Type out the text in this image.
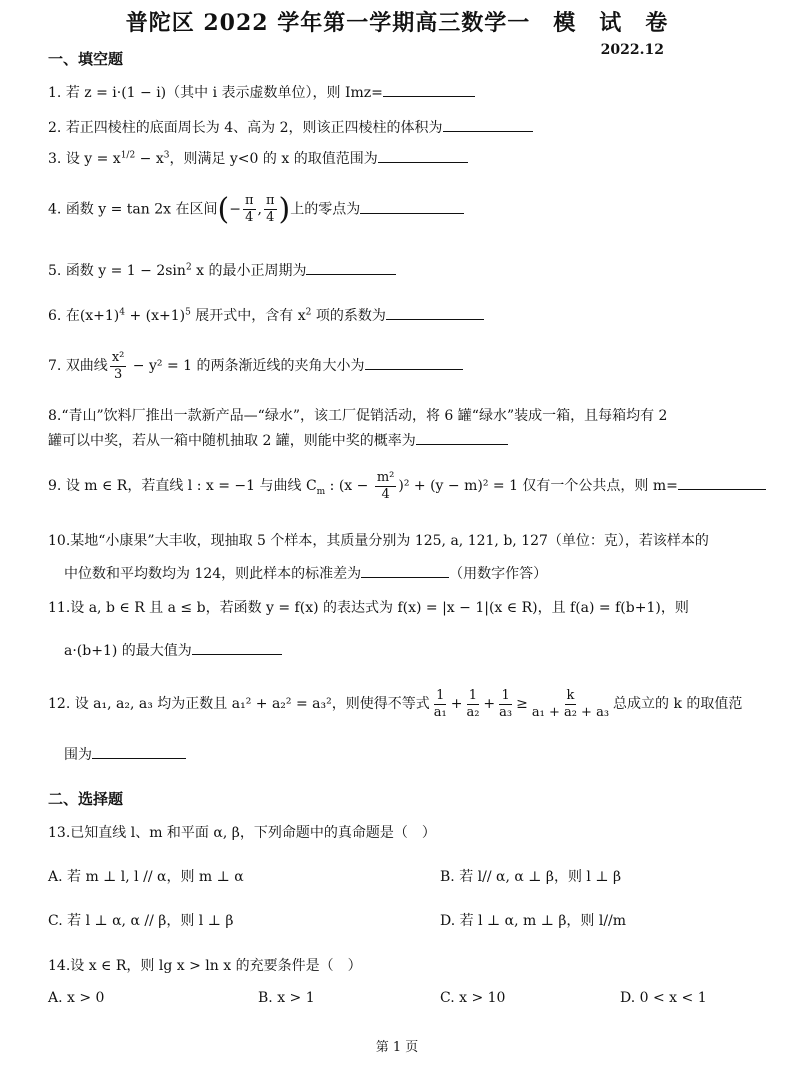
普陀区 2022 学年第一学期高三数学一　模　试　卷
2022.12
一、填空题
1. 若 z = i·(1 − i)（其中 i 表示虚数单位），则 Imz=
2. 若正四棱柱的底面周长为 4、高为 2，则该正四棱柱的体积为
3. 设 $y = x^{1/2} - x^3$，则满足 y<0 的 x 的取值范围为
4. 函数 y = tan 2x 在区间(− $\frac{\pi}{4}$ , $\frac{\pi}{4}$ )上的零点为
5. 函数 $y = 1 - 2\sin^2$ x 的最小正周期为
6. 在$(x+1)^4 + (x+1)^5$ 展开式中，含有 $x^2$ 项的系数为
7. 双曲线 $\frac{\text{x²}}{3} - y^2 = 1$ 的两条渐近线的夹角大小为
8.“青山”饮料厂推出一款新产品—“绿水”，该工厂促销活动，将 6 罐“绿水”装成一箱，且每箱均有 2
罐可以中奖，若从一箱中随机抽取 2 罐，则能中奖的概率为
9. 设 m ∈ R，若直线 l : x = −1 与曲线 $C_m$ : $(x - \frac{\text{m²}}{4} )^2 + (y - m)^2 = 1$ 仅有一个公共点，则 m=
10.某地“小康果”大丰收，现抽取 5 个样本，其质量分别为 125, a, 121, b, 127（单位：克），若该样本的
中位数和平均数均为 124，则此样本的标准差为	（用数字作答）
11.设 a, b ∈ R 且 a ≤ b，若函数 y = f(x) 的表达式为 f(x) = |x − 1|(x ∈ R)，且 f(a) = f(b+1)，则
a·(b+1) 的最大值为
12. 设 a₁, a₂, a₃ 均为正数且 a₁² + a₂² = a₃²，则使得不等式 $\frac{1}{\text{a₁}} + \frac{1}{\text{a₂}} + \frac{1}{\text{a₃}} \ge \frac{k}{\text{a₁ + a₂ + a₃}}$ 总成立的 k 的取值范
围为
二、选择题
13.已知直线 l、m 和平面 α, β，下列命题中的真命题是（　）
A. 若 m ⊥ l, l // α，则 m ⊥ α	B. 若 l// α, α ⊥ β，则 l ⊥ β
C. 若 l ⊥ α, α // β，则 l ⊥ β	D. 若 l ⊥ α, m ⊥ β，则 l//m
14.设 x ∈ R，则 lg x > ln x 的充要条件是（　）
A. x > 0	B. x > 1	C. x > 10	D. 0 < x < 1
第 1 页
